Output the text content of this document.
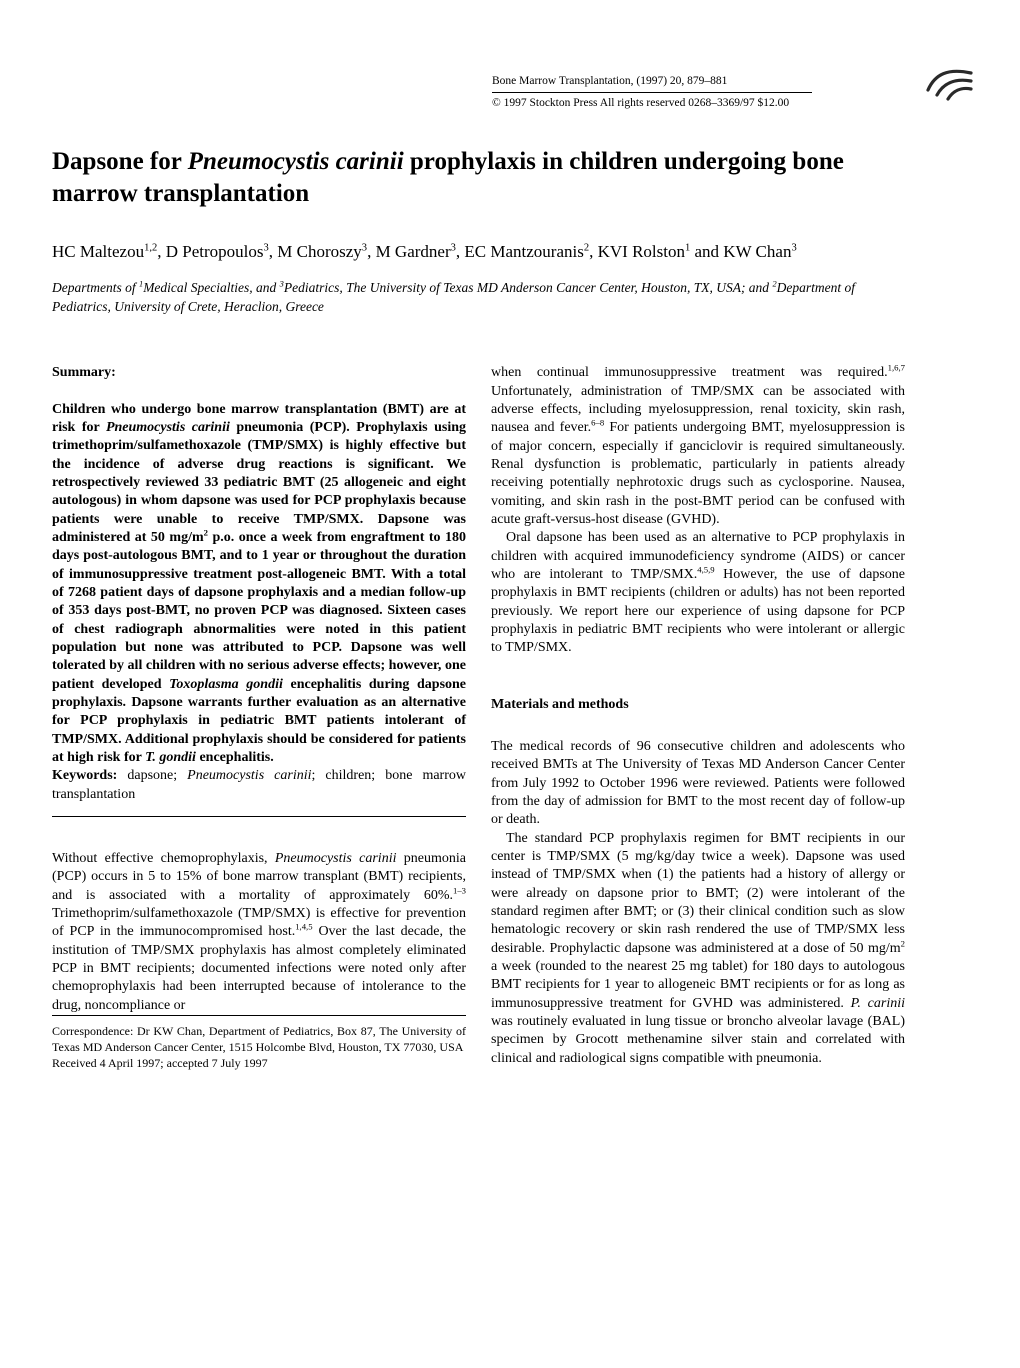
Bone Marrow Transplantation, (1997) 20, 879–881
© 1997 Stockton Press All rights reserved 0268–3369/97 $12.00
Dapsone for Pneumocystis carinii prophylaxis in children undergoing bone marrow transplantation
HC Maltezou$^{1,2}$, D Petropoulos$^3$, M Choroszy$^3$, M Gardner$^3$, EC Mantzouranis$^2$, KVI Rolston$^1$ and KW Chan$^3$
Departments of $^1$Medical Specialties, and $^3$Pediatrics, The University of Texas MD Anderson Cancer Center, Houston, TX, USA; and $^2$Department of Pediatrics, University of Crete, Heraclion, Greece
Summary:

Children who undergo bone marrow transplantation (BMT) are at risk for Pneumocystis carinii pneumonia (PCP). Prophylaxis using trimethoprim/sulfamethoxazole (TMP/SMX) is highly effective but the incidence of adverse drug reactions is significant. We retrospectively reviewed 33 pediatric BMT (25 allogeneic and eight autologous) in whom dapsone was used for PCP prophylaxis because patients were unable to receive TMP/SMX. Dapsone was administered at 50 $mg/m^2$ p.o. once a week from engraftment to 180 days post-autologous BMT, and to 1 year or throughout the duration of immunosuppressive treatment post-allogeneic BMT. With a total of 7268 patient days of dapsone prophylaxis and a median follow-up of 353 days post-BMT, no proven PCP was diagnosed. Sixteen cases of chest radiograph abnormalities were noted in this patient population but none was attributed to PCP. Dapsone was well tolerated by all children with no serious adverse effects; however, one patient developed Toxoplasma gondii encephalitis during dapsone prophylaxis. Dapsone warrants further evaluation as an alternative for PCP prophylaxis in pediatric BMT patients intolerant of TMP/SMX. Additional prophylaxis should be considered for patients at high risk for T. gondii encephalitis.

Keywords: dapsone; Pneumocystis carinii; children; bone marrow transplantation

Without effective chemoprophylaxis, Pneumocystis carinii pneumonia (PCP) occurs in 5 to 15% of bone marrow transplant (BMT) recipients, and is associated with a mortality of approximately 60%.$^{1-3}$ Trimethoprim/sulfamethoxazole (TMP/SMX) is effective for prevention of PCP in the immunocompromised host.$^{1,4,5}$ Over the last decade, the institution of TMP/SMX prophylaxis has almost completely eliminated PCP in BMT recipients; documented infections were noted only after chemoprophylaxis had been interrupted because of intolerance to the drug, noncompliance or

Correspondence: Dr KW Chan, Department of Pediatrics, Box 87, The University of Texas MD Anderson Cancer Center, 1515 Holcombe Blvd, Houston, TX 77030, USA

Received 4 April 1997; accepted 7 July 1997

when continual immunosuppressive treatment was required.$^{1,6,7}$ Unfortunately, administration of TMP/SMX can be associated with adverse effects, including myelosuppression, renal toxicity, skin rash, nausea and fever.$^{6-8}$ For patients undergoing BMT, myelosuppression is of major concern, especially if ganciclovir is required simultaneously. Renal dysfunction is problematic, particularly in patients already receiving potentially nephrotoxic drugs such as cyclosporine. Nausea, vomiting, and skin rash in the post-BMT period can be confused with acute graft-versus-host disease (GVHD).

Oral dapsone has been used as an alternative to PCP prophylaxis in children with acquired immunodeficiency syndrome (AIDS) or cancer who are intolerant to TMP/SMX.$^{4,5,9}$ However, the use of dapsone prophylaxis in BMT recipients (children or adults) has not been reported previously. We report here our experience of using dapsone for PCP prophylaxis in pediatric BMT recipients who were intolerant or allergic to TMP/SMX.

Materials and methods

The medical records of 96 consecutive children and adolescents who received BMTs at The University of Texas MD Anderson Cancer Center from July 1992 to October 1996 were reviewed. Patients were followed from the day of admission for BMT to the most recent day of follow-up or death.

The standard PCP prophylaxis regimen for BMT recipients in our center is TMP/SMX (5 mg/kg/day twice a week). Dapsone was used instead of TMP/SMX when (1) the patients had a history of allergy or were already on dapsone prior to BMT; (2) were intolerant of the standard regimen after BMT; or (3) their clinical condition such as slow hematologic recovery or skin rash rendered the use of TMP/SMX less desirable. Prophylactic dapsone was administered at a dose of 50 $mg/m^2$ a week (rounded to the nearest 25 mg tablet) for 180 days to autologous BMT recipients for 1 year to allogeneic BMT recipients or for as long as immunosuppressive treatment for GVHD was administered. P. carinii was routinely evaluated in lung tissue or broncho alveolar lavage (BAL) specimen by Grocott methenamine silver stain and correlated with clinical and radiological signs compatible with pneumonia.
